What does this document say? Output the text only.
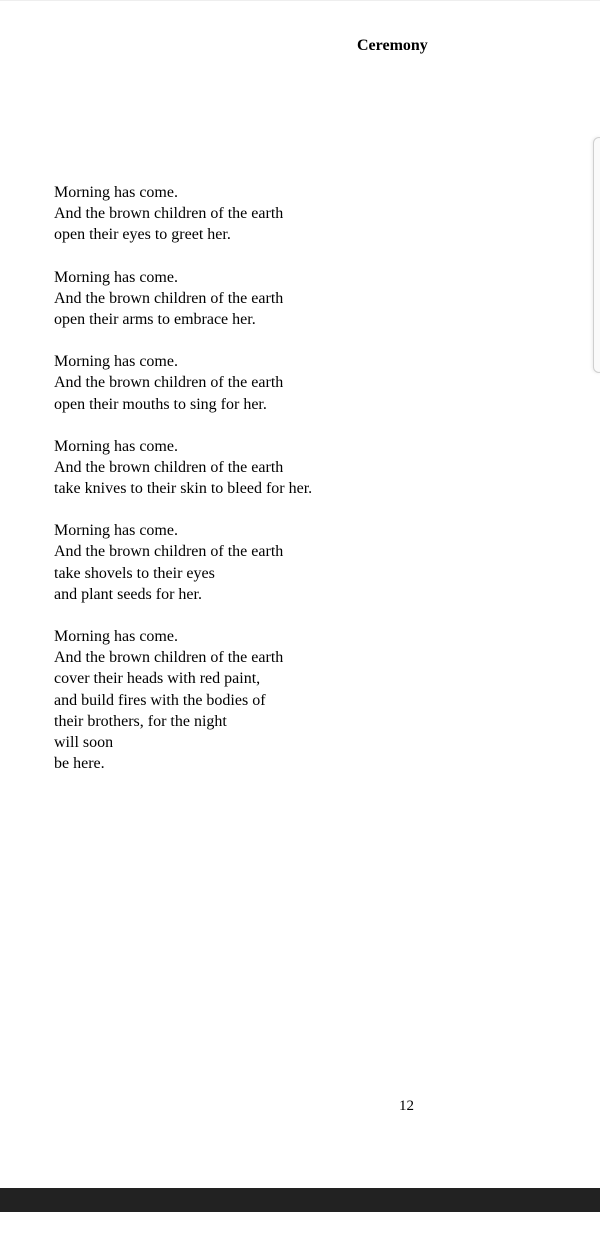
Ceremony
Morning has come.
And the brown children of the earth
open their eyes to greet her.
Morning has come.
And the brown children of the earth
open their arms to embrace her.
Morning has come.
And the brown children of the earth
open their mouths to sing for her.
Morning has come.
And the brown children of the earth
take knives to their skin to bleed for her.
Morning has come.
And the brown children of the earth
take shovels to their eyes
and plant seeds for her.
Morning has come.
And the brown children of the earth
cover their heads with red paint,
and build fires with the bodies of
their brothers, for the night
will soon
be here.
12
